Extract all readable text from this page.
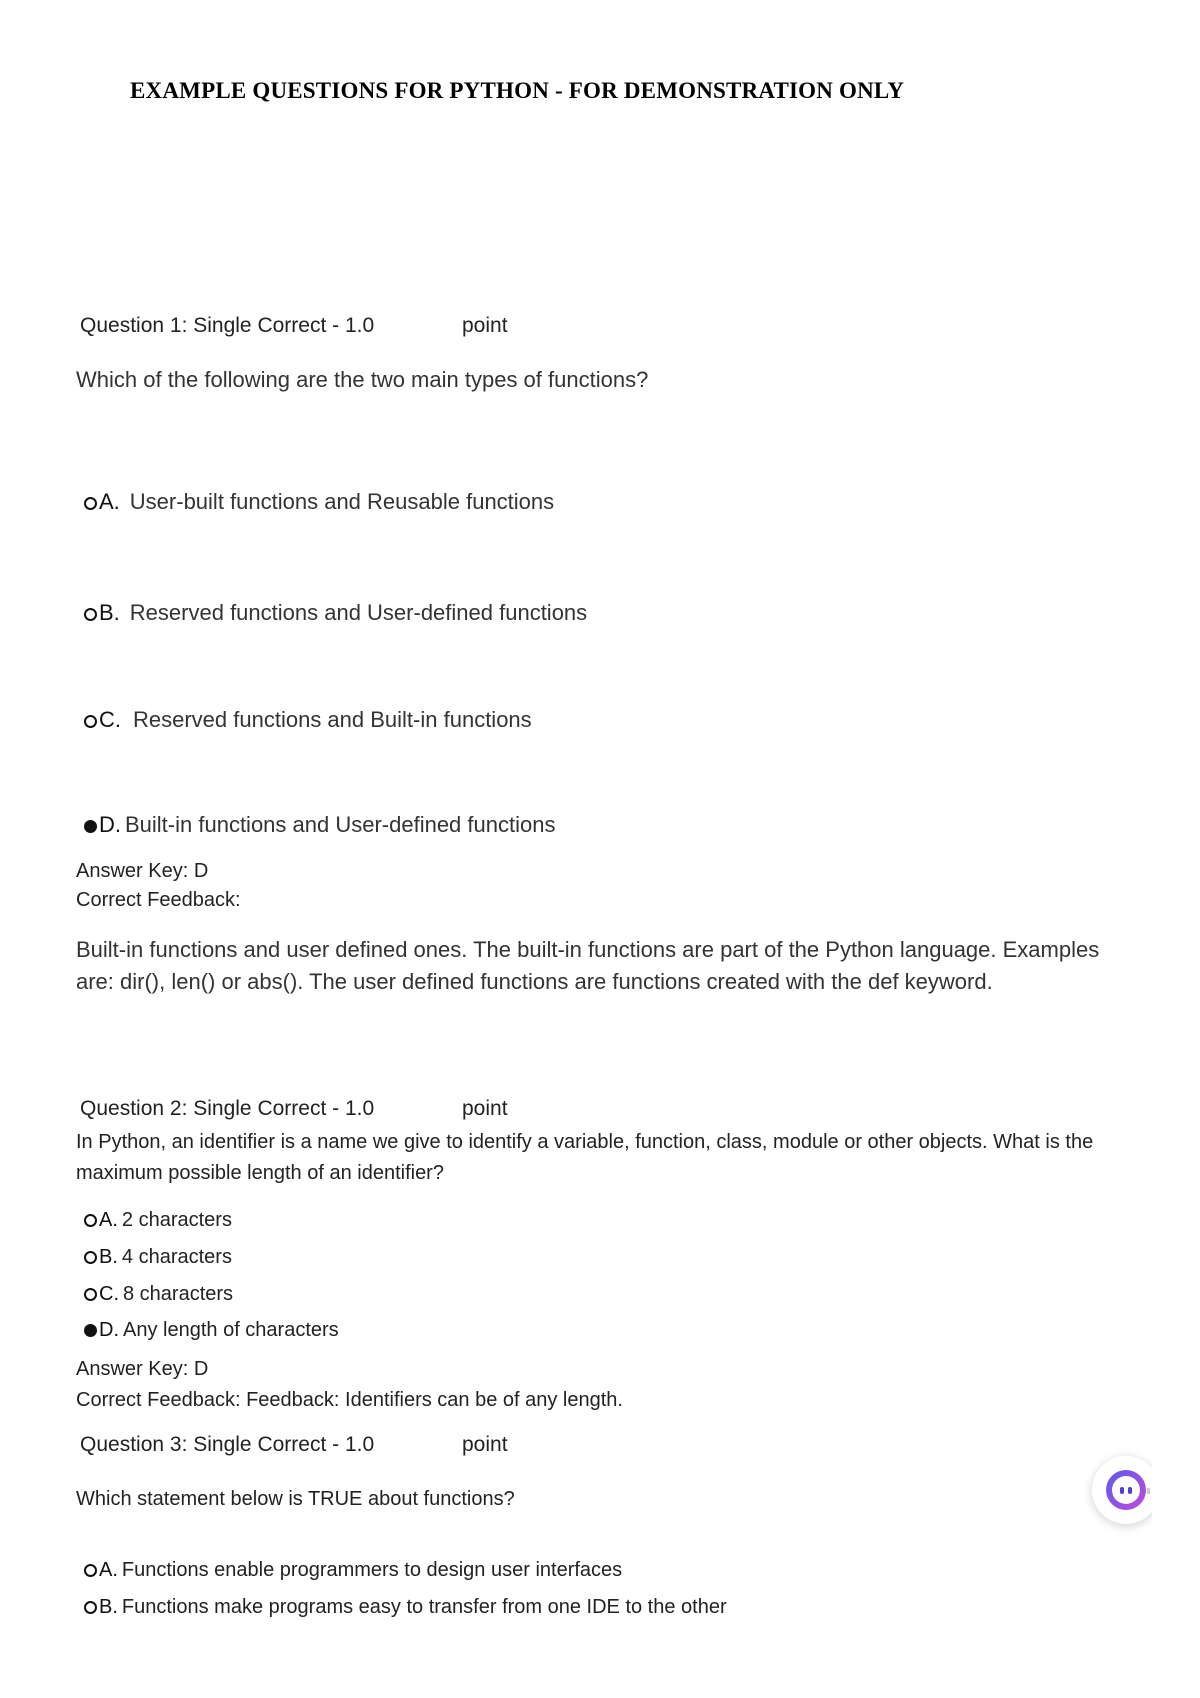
EXAMPLE QUESTIONS FOR PYTHON - FOR DEMONSTRATION ONLY
Question 1: Single Correct - 1.0	point
Which of the following are the two main types of functions?
A. User-built functions and Reusable functions
B. Reserved functions and User-defined functions
C. Reserved functions and Built-in functions
D. Built-in functions and User-defined functions
Answer Key: D
Correct Feedback:
Built-in functions and user defined ones. The built-in functions are part of the Python language. Examples are: dir(), len() or abs(). The user defined functions are functions created with the def keyword.
Question 2: Single Correct - 1.0	point
In Python, an identifier is a name we give to identify a variable, function, class, module or other objects. What is the maximum possible length of an identifier?
A. 2 characters
B. 4 characters
C. 8 characters
D. Any length of characters
Answer Key: D
Correct Feedback: Feedback: Identifiers can be of any length.
Question 3: Single Correct - 1.0	point
Which statement below is TRUE about functions?
A. Functions enable programmers to design user interfaces
B. Functions make programs easy to transfer from one IDE to the other
